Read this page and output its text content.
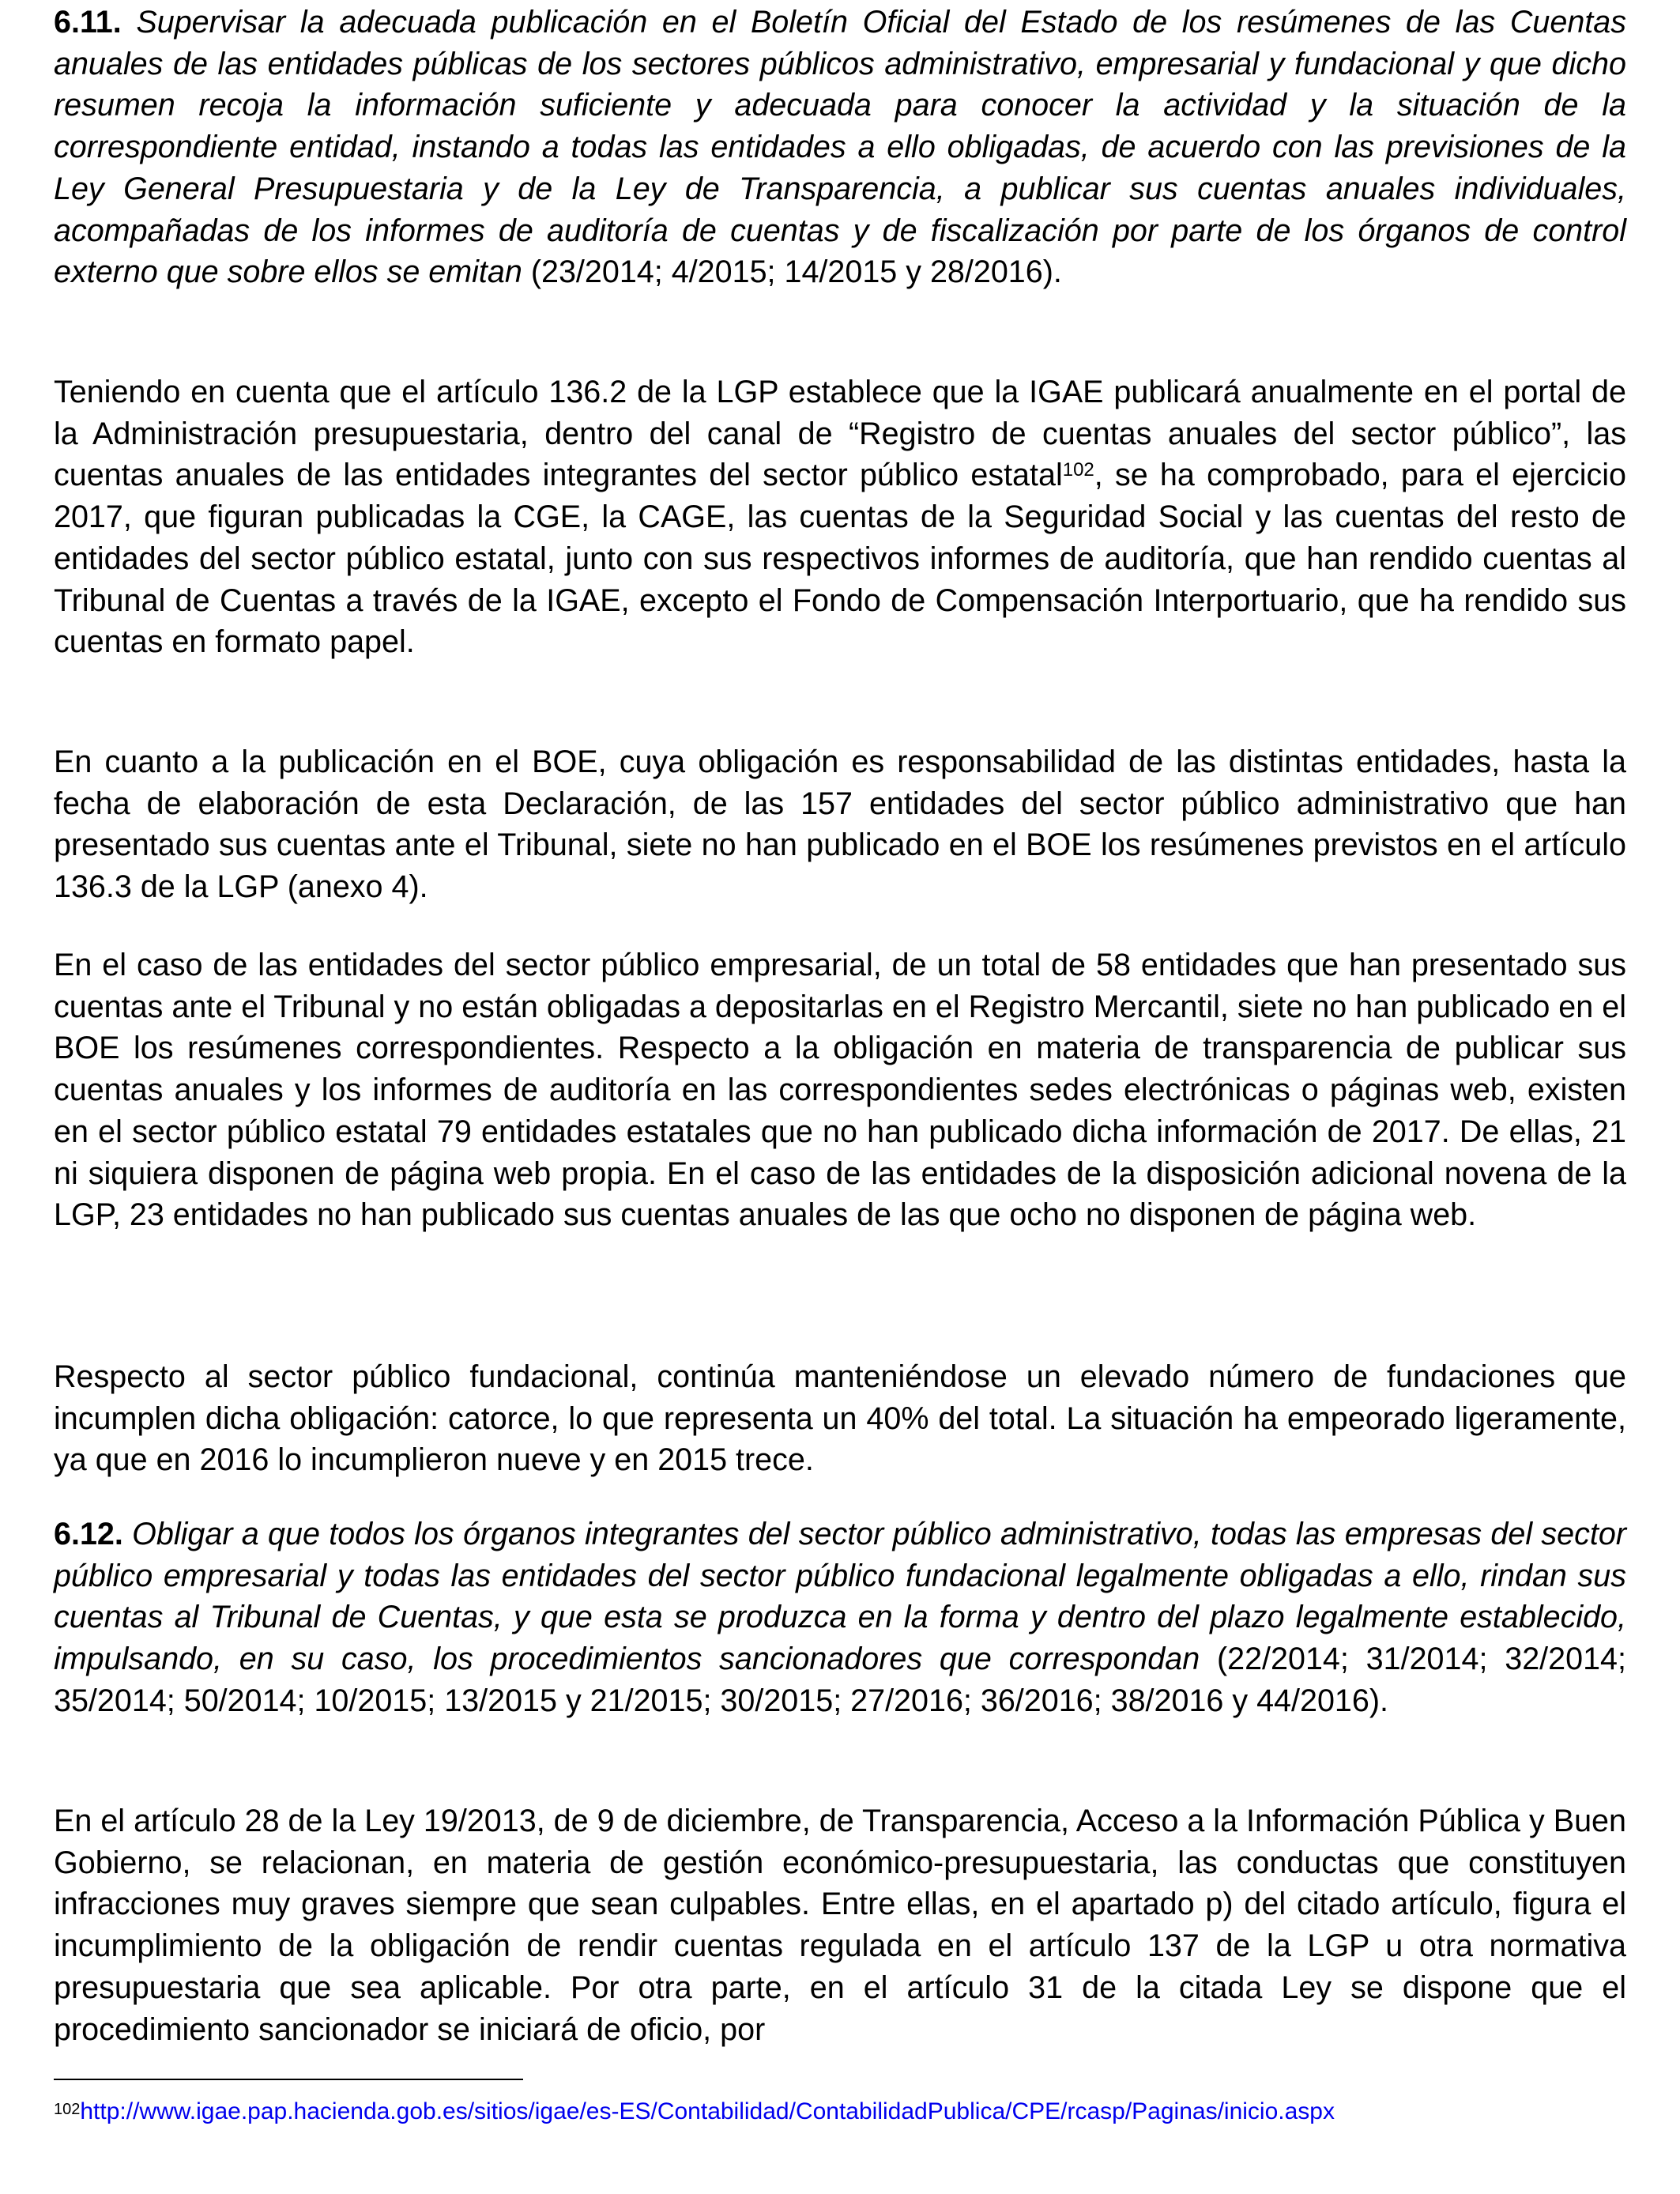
6.11. Supervisar la adecuada publicación en el Boletín Oficial del Estado de los resúmenes de las Cuentas anuales de las entidades públicas de los sectores públicos administrativo, empresarial y fundacional y que dicho resumen recoja la información suficiente y adecuada para conocer la actividad y la situación de la correspondiente entidad, instando a todas las entidades a ello obligadas, de acuerdo con las previsiones de la Ley General Presupuestaria y de la Ley de Transparencia, a publicar sus cuentas anuales individuales, acompañadas de los informes de auditoría de cuentas y de fiscalización por parte de los órganos de control externo que sobre ellos se emitan (23/2014; 4/2015; 14/2015 y 28/2016).

Teniendo en cuenta que el artículo 136.2 de la LGP establece que la IGAE publicará anualmente en el portal de la Administración presupuestaria, dentro del canal de “Registro de cuentas anuales del sector público”, las cuentas anuales de las entidades integrantes del sector público estatal$^{102}$, se ha comprobado, para el ejercicio 2017, que figuran publicadas la CGE, la CAGE, las cuentas de la Seguridad Social y las cuentas del resto de entidades del sector público estatal, junto con sus respectivos informes de auditoría, que han rendido cuentas al Tribunal de Cuentas a través de la IGAE, excepto el Fondo de Compensación Interportuario, que ha rendido sus cuentas en formato papel.

En cuanto a la publicación en el BOE, cuya obligación es responsabilidad de las distintas entidades, hasta la fecha de elaboración de esta Declaración, de las 157 entidades del sector público administrativo que han presentado sus cuentas ante el Tribunal, siete no han publicado en el BOE los resúmenes previstos en el artículo 136.3 de la LGP (anexo 4).

En el caso de las entidades del sector público empresarial, de un total de 58 entidades que han presentado sus cuentas ante el Tribunal y no están obligadas a depositarlas en el Registro Mercantil, siete no han publicado en el BOE los resúmenes correspondientes. Respecto a la obligación en materia de transparencia de publicar sus cuentas anuales y los informes de auditoría en las correspondientes sedes electrónicas o páginas web, existen en el sector público estatal 79 entidades estatales que no han publicado dicha información de 2017. De ellas, 21 ni siquiera disponen de página web propia. En el caso de las entidades de la disposición adicional novena de la LGP, 23 entidades no han publicado sus cuentas anuales de las que ocho no disponen de página web.

Respecto al sector público fundacional, continúa manteniéndose un elevado número de fundaciones que incumplen dicha obligación: catorce, lo que representa un 40% del total. La situación ha empeorado ligeramente, ya que en 2016 lo incumplieron nueve y en 2015 trece.

6.12. Obligar a que todos los órganos integrantes del sector público administrativo, todas las empresas del sector público empresarial y todas las entidades del sector público fundacional legalmente obligadas a ello, rindan sus cuentas al Tribunal de Cuentas, y que esta se produzca en la forma y dentro del plazo legalmente establecido, impulsando, en su caso, los procedimientos sancionadores que correspondan (22/2014; 31/2014; 32/2014; 35/2014; 50/2014; 10/2015; 13/2015 y 21/2015; 30/2015; 27/2016; 36/2016; 38/2016 y 44/2016).

En el artículo 28 de la Ley 19/2013, de 9 de diciembre, de Transparencia, Acceso a la Información Pública y Buen Gobierno, se relacionan, en materia de gestión económico-presupuestaria, las conductas que constituyen infracciones muy graves siempre que sean culpables. Entre ellas, en el apartado p) del citado artículo, figura el incumplimiento de la obligación de rendir cuentas regulada en el artículo 137 de la LGP u otra normativa presupuestaria que sea aplicable. Por otra parte, en el artículo 31 de la citada Ley se dispone que el procedimiento sancionador se iniciará de oficio, por

$^{102}$http://www.igae.pap.hacienda.gob.es/sitios/igae/es-ES/Contabilidad/ContabilidadPublica/CPE/rcasp/Paginas/inicio.aspx
